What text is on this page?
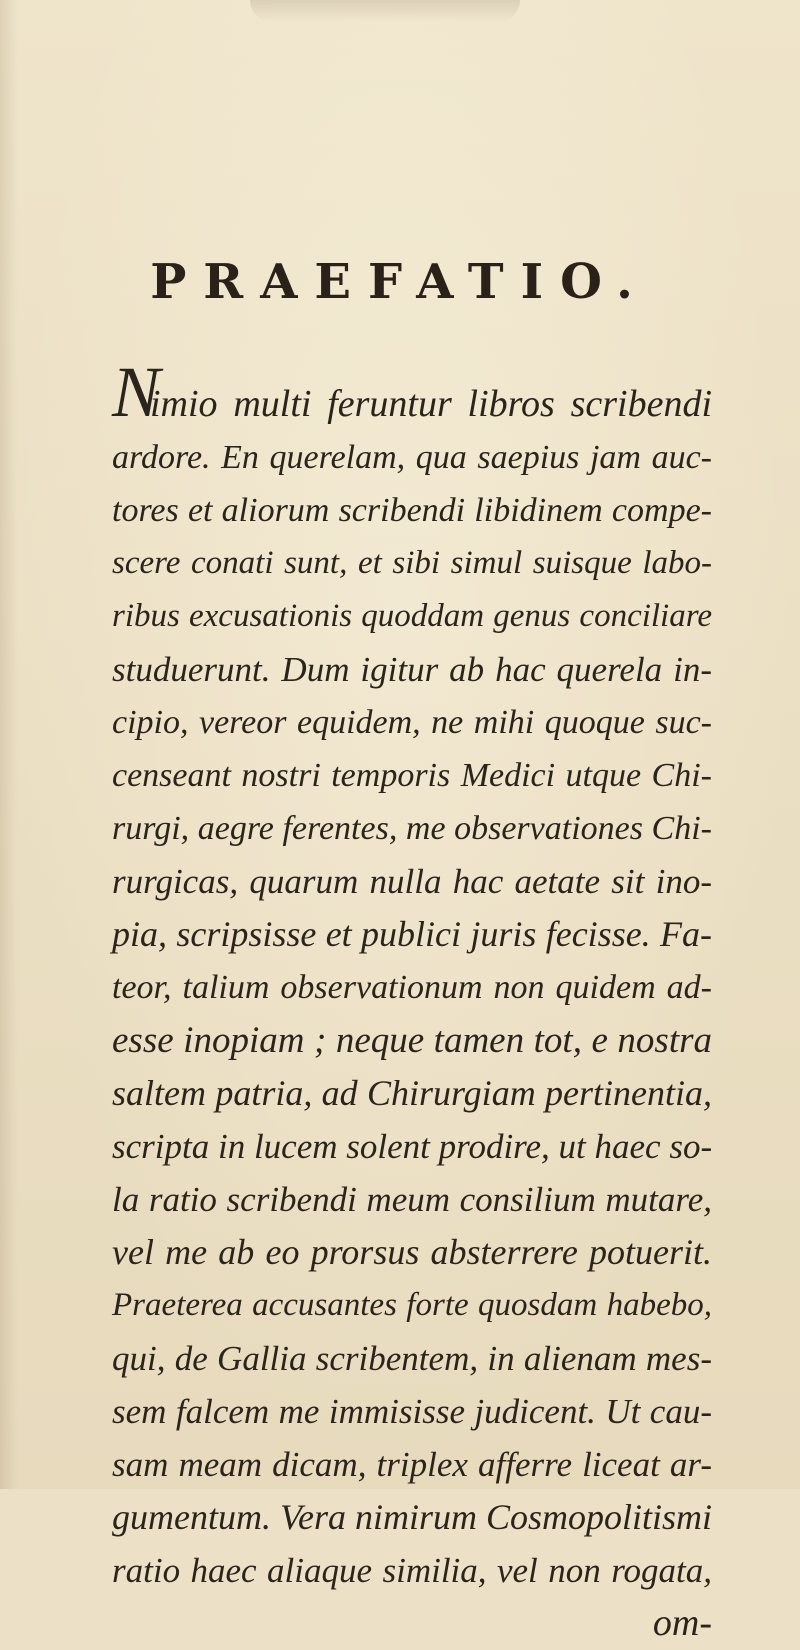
PRAEFATIO.
N
imio multi feruntur libros scribendi
ardore. En querelam, qua saepius jam auc-
tores et aliorum scribendi libidinem compe-
scere conati sunt, et sibi simul suisque labo-
ribus excusationis quoddam genus conciliare
studuerunt. Dum igitur ab hac querela in-
cipio, vereor equidem, ne mihi quoque suc-
censeant nostri temporis Medici utque Chi-
rurgi, aegre ferentes, me observationes Chi-
rurgicas, quarum nulla hac aetate sit ino-
pia, scripsisse et publici juris fecisse. Fa-
teor, talium observationum non quidem ad-
esse inopiam ; neque tamen tot, e nostra
saltem patria, ad Chirurgiam pertinentia,
scripta in lucem solent prodire, ut haec so-
la ratio scribendi meum consilium mutare,
vel me ab eo prorsus absterrere potuerit.
Praeterea accusantes forte quosdam habebo,
qui, de Gallia scribentem, in alienam mes-
sem falcem me immisisse judicent. Ut cau-
sam meam dicam, triplex afferre liceat ar-
gumentum. Vera nimirum Cosmopolitismi
ratio haec aliaque similia, vel non rogata,
om-
